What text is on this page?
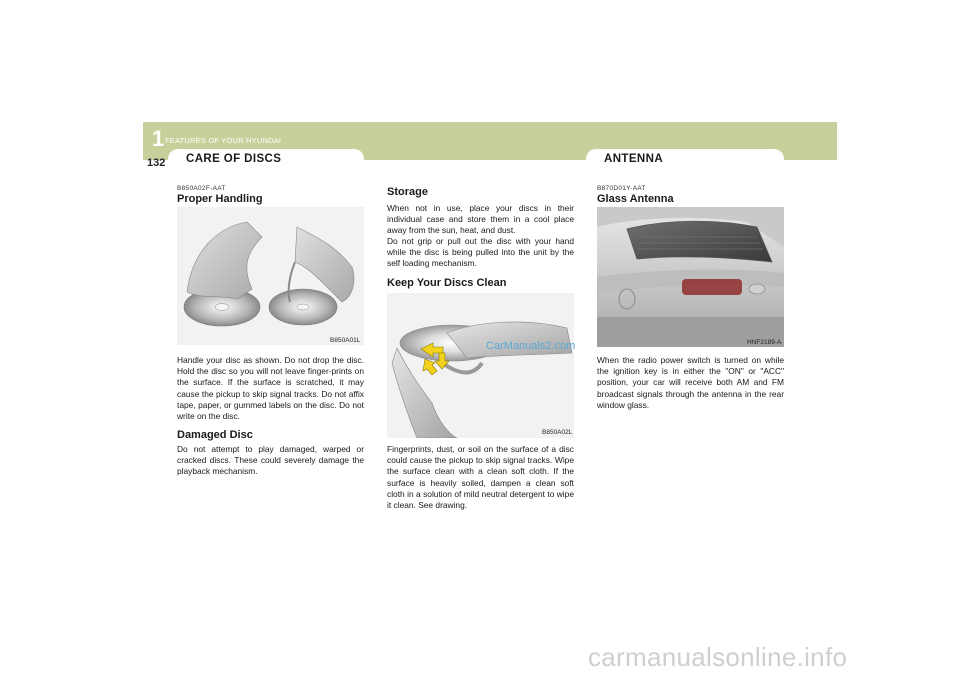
1 FEATURES OF YOUR HYUNDAI
132 CARE OF DISCS	ANTENNA
B850A02F-AAT
Proper Handling
B850A01L
Handle your disc as shown. Do not drop the disc. Hold the disc so you will not leave finger-prints on the surface. If the surface is scratched, it may cause the pickup to skip signal tracks. Do not affix tape, paper, or gummed labels on the disc. Do not write on the disc.
Damaged Disc
Do not attempt to play damaged, warped or cracked discs. These could severely damage the playback mechanism.
Storage
When not in use, place your discs in their individual case and store them in a cool place away from the sun, heat, and dust.
Do not grip or pull out the disc with your hand while the disc is being pulled into the unit by the self loading mechanism.
Keep Your Discs Clean
CarManuals2.com
B850A02L
Fingerprints, dust, or soil on the surface of a disc could cause the pickup to skip signal tracks. Wipe the surface clean with a clean soft cloth. If the surface is heavily soiled, dampen a clean soft cloth in a solution of mild neutral detergent to wipe it clean. See drawing.
B870D01Y-AAT
Glass Antenna
HNF2189-A
When the radio power switch is turned on while the ignition key is in either the "ON" or "ACC" position, your car will receive both AM and FM broadcast signals through the antenna in the rear window glass.
carmanualsonline.info
